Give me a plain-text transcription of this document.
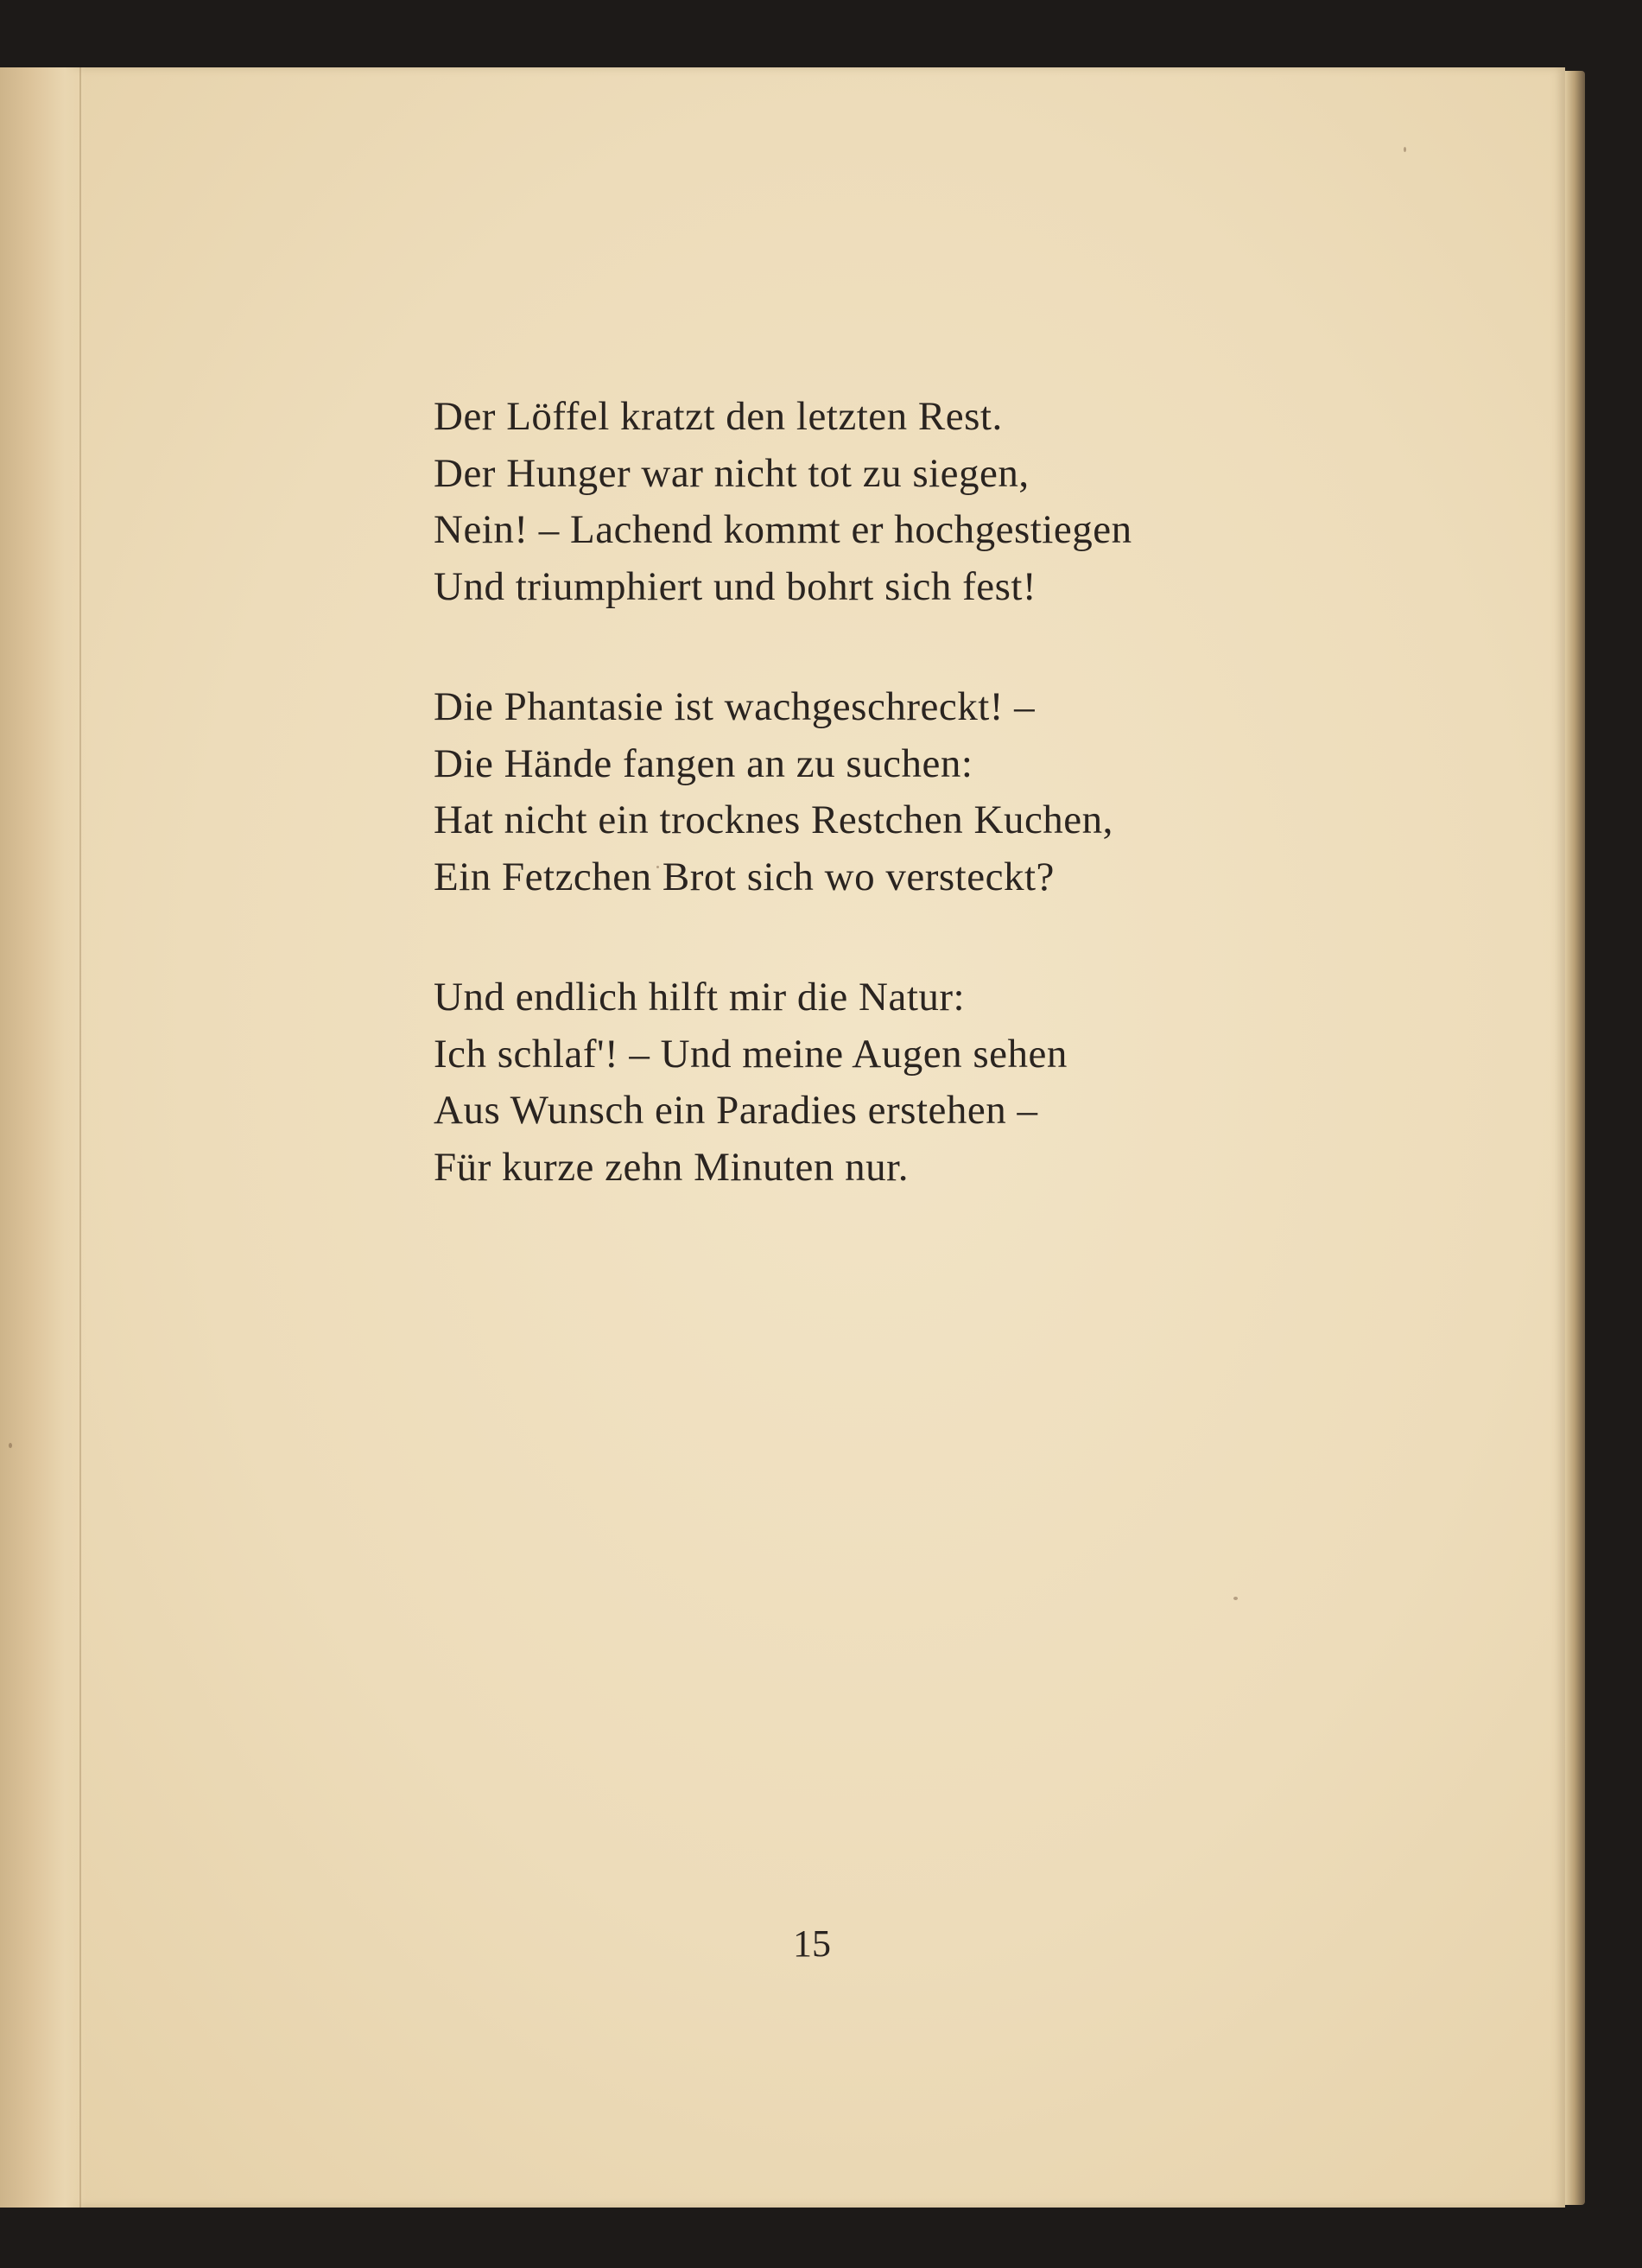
Der Löffel kratzt den letzten Rest.
Der Hunger war nicht tot zu siegen,
Nein! – Lachend kommt er hochgestiegen
Und triumphiert und bohrt sich fest!
Die Phantasie ist wachgeschreckt! –
Die Hände fangen an zu suchen:
Hat nicht ein trocknes Restchen Kuchen,
Ein Fetzchen Brot sich wo versteckt?
Und endlich hilft mir die Natur:
Ich schlaf'! – Und meine Augen sehen
Aus Wunsch ein Paradies erstehen –
Für kurze zehn Minuten nur.
15
